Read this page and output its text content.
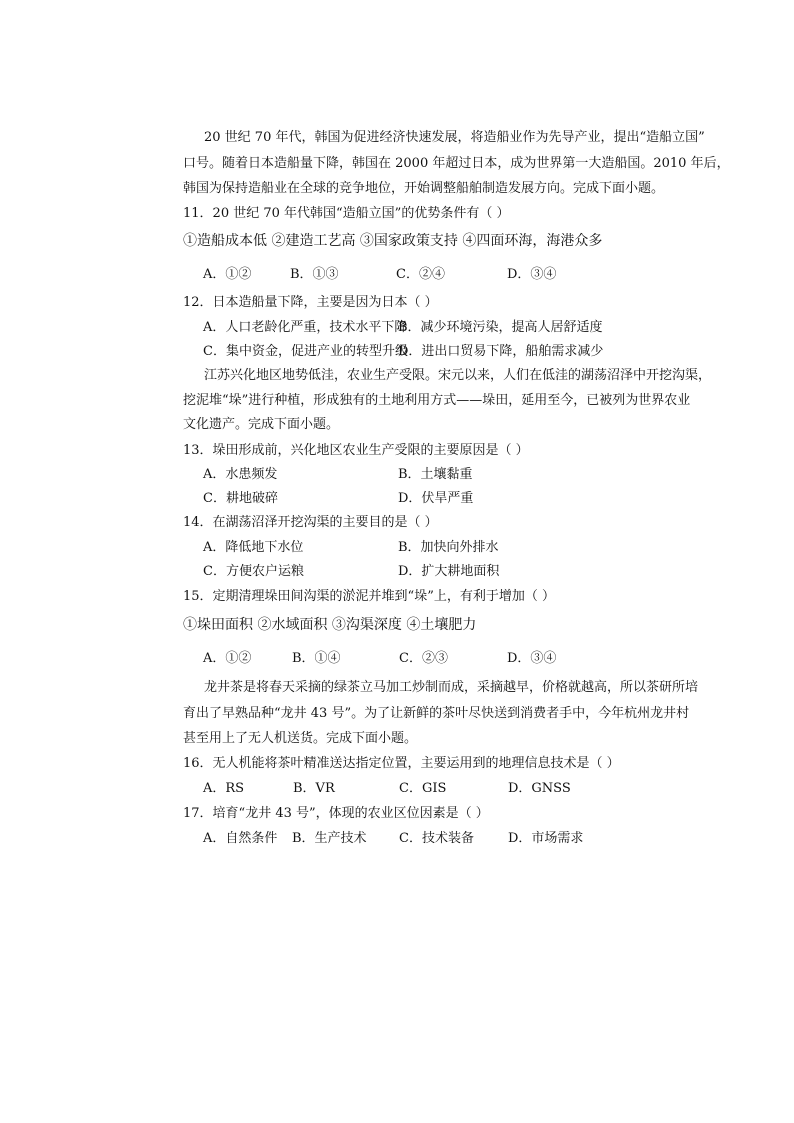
20 世纪 70 年代，韩国为促进经济快速发展，将造船业作为先导产业，提出“造船立国”
口号。随着日本造船量下降，韩国在 2000 年超过日本，成为世界第一大造船国。2010 年后，
韩国为保持造船业在全球的竞争地位，开始调整船舶制造发展方向。完成下面小题。
11．20 世纪 70 年代韩国“造船立国”的优势条件有（ ）
①造船成本低 ②建造工艺高 ③国家政策支持 ④四面环海，海港众多
A．①②	B．①③	C．②④	D．③④
12．日本造船量下降，主要是因为日本（ ）
A．人口老龄化严重，技术水平下降
B．减少环境污染，提高人居舒适度
C．集中资金，促进产业的转型升级
D．进出口贸易下降，船舶需求减少
江苏兴化地区地势低洼，农业生产受限。宋元以来，人们在低洼的湖荡沼泽中开挖沟渠，
挖泥堆“垛”进行种植，形成独有的土地利用方式——垛田，延用至今，已被列为世界农业
文化遗产。完成下面小题。
13．垛田形成前，兴化地区农业生产受限的主要原因是（ ）
A．水患频发	B．土壤黏重
C．耕地破碎	D．伏旱严重
14．在湖荡沼泽开挖沟渠的主要目的是（ ）
A．降低地下水位	B．加快向外排水
C．方便农户运粮	D．扩大耕地面积
15．定期清理垛田间沟渠的淤泥并堆到“垛”上，有利于增加（ ）
①垛田面积 ②水域面积 ③沟渠深度 ④土壤肥力
A．①②	B．①④	C．②③	D．③④
龙井茶是将春天采摘的绿茶立马加工炒制而成，采摘越早，价格就越高，所以茶研所培
育出了早熟品种“龙井 43 号”。为了让新鲜的茶叶尽快送到消费者手中，今年杭州龙井村
甚至用上了无人机送货。完成下面小题。
16．无人机能将茶叶精准送达指定位置，主要运用到的地理信息技术是（ ）
A．RS	B．VR	C．GIS	D．GNSS
17．培育“龙井 43 号”，体现的农业区位因素是（ ）
A．自然条件 B．生产技术 C．技术装备	D．市场需求
